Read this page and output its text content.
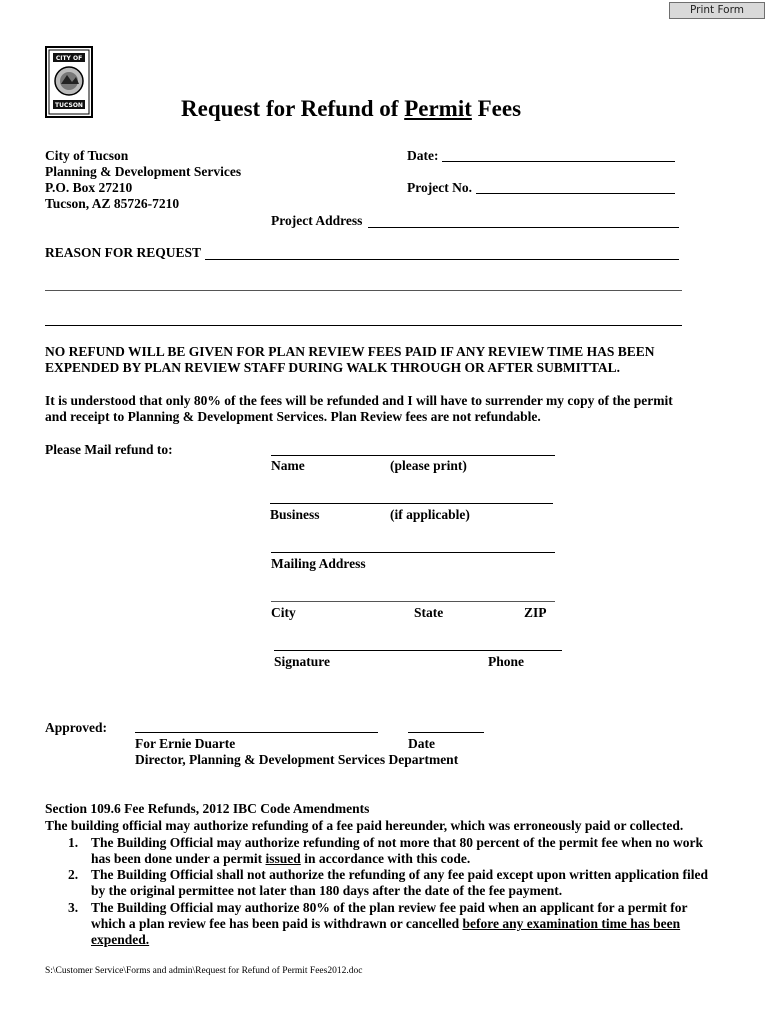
Print Form
CITY OF
TUCSON	Request for Refund of Permit Fees
City of Tucson
Planning & Development Services
P.O. Box 27210
Tucson, AZ 85726-7210
Date:
Project No.
Project Address
REASON FOR REQUEST
NO REFUND WILL BE GIVEN FOR PLAN REVIEW FEES PAID IF ANY REVIEW TIME HAS BEEN
EXPENDED BY PLAN REVIEW STAFF DURING WALK THROUGH OR AFTER SUBMITTAL.
It is understood that only 80% of the fees will be refunded and I will have to surrender my copy of the permit
and receipt to Planning & Development Services. Plan Review fees are not refundable.
Please Mail refund to:
Name	(please print)
Business	(if applicable)
Mailing Address
City	State	ZIP
Signature	Phone
Approved:
For Ernie Duarte	Date
Director, Planning & Development Services Department
Section 109.6 Fee Refunds, 2012 IBC Code Amendments
The building official may authorize refunding of a fee paid hereunder, which was erroneously paid or collected.
1. The Building Official may authorize refunding of not more that 80 percent of the permit fee when no work
has been done under a permit issued in accordance with this code.
2. The Building Official shall not authorize the refunding of any fee paid except upon written application filed
by the original permittee not later than 180 days after the date of the fee payment.
3. The Building Official may authorize 80% of the plan review fee paid when an applicant for a permit for
which a plan review fee has been paid is withdrawn or cancelled before any examination time has been
expended.
S:\Customer Service\Forms and admin\Request for Refund of Permit Fees2012.doc
